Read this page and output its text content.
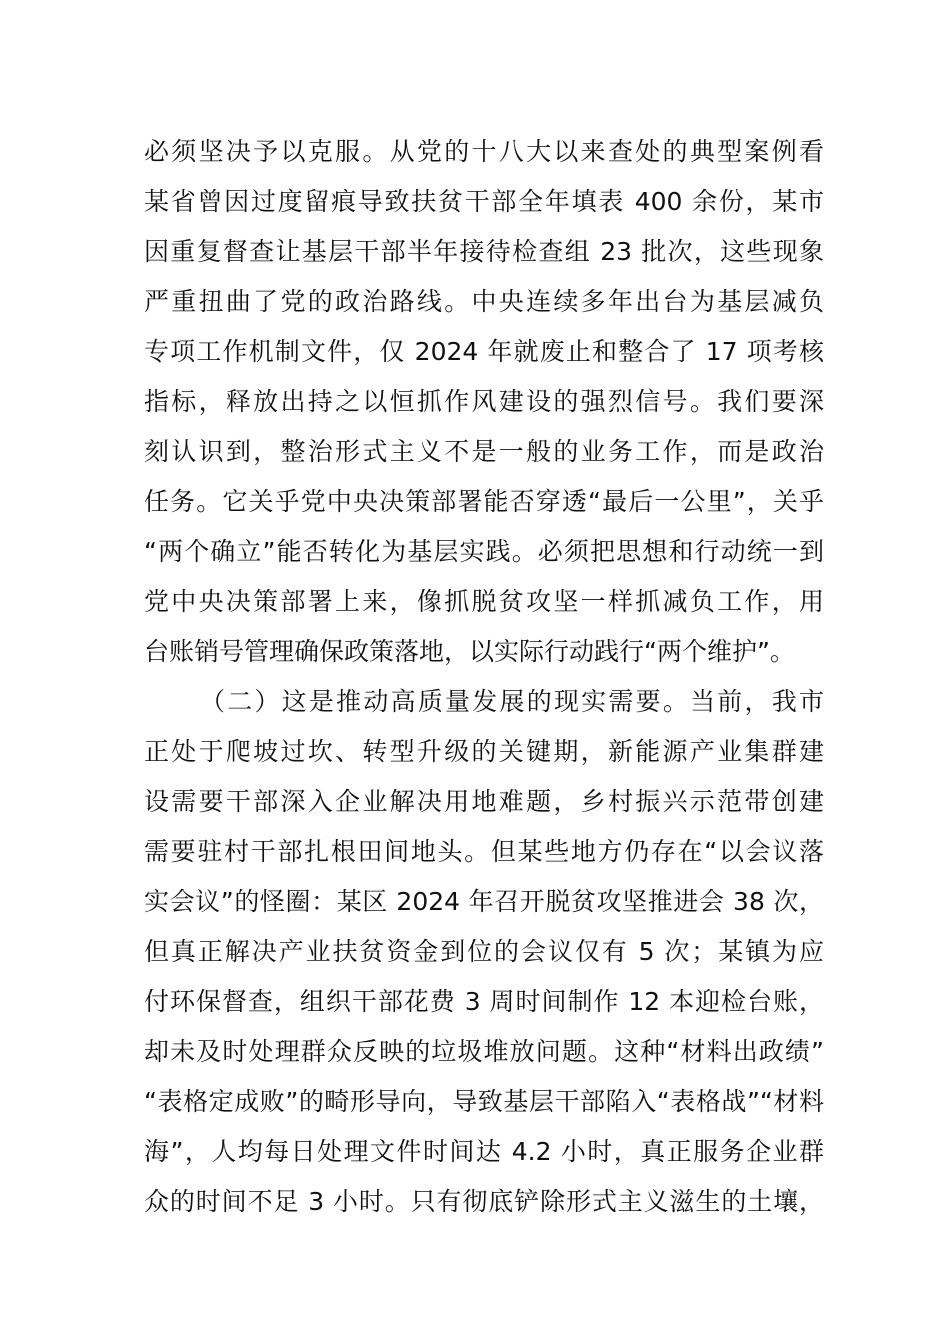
必须坚决予以克服。从党的十八大以来查处的典型案例看
某省曾因过度留痕导致扶贫干部全年填表 400 余份，某市
因重复督查让基层干部半年接待检查组 23 批次，这些现象
严重扭曲了党的政治路线。中央连续多年出台为基层减负
专项工作机制文件，仅 2024 年就废止和整合了 17 项考核
指标，释放出持之以恒抓作风建设的强烈信号。我们要深
刻认识到，整治形式主义不是一般的业务工作，而是政治
任务。它关乎党中央决策部署能否穿透“最后一公里”，关乎
“两个确立”能否转化为基层实践。必须把思想和行动统一到
党中央决策部署上来，像抓脱贫攻坚一样抓减负工作，用
台账销号管理确保政策落地，以实际行动践行“两个维护”。
（二）这是推动高质量发展的现实需要。当前，我市
正处于爬坡过坎、转型升级的关键期，新能源产业集群建
设需要干部深入企业解决用地难题，乡村振兴示范带创建
需要驻村干部扎根田间地头。但某些地方仍存在“以会议落
实会议”的怪圈：某区 2024 年召开脱贫攻坚推进会 38 次，
但真正解决产业扶贫资金到位的会议仅有 5 次；某镇为应
付环保督查，组织干部花费 3 周时间制作 12 本迎检台账，
却未及时处理群众反映的垃圾堆放问题。这种“材料出政绩”
“表格定成败”的畸形导向，导致基层干部陷入“表格战”“材料
海”，人均每日处理文件时间达 4.2 小时，真正服务企业群
众的时间不足 3 小时。只有彻底铲除形式主义滋生的土壤，
